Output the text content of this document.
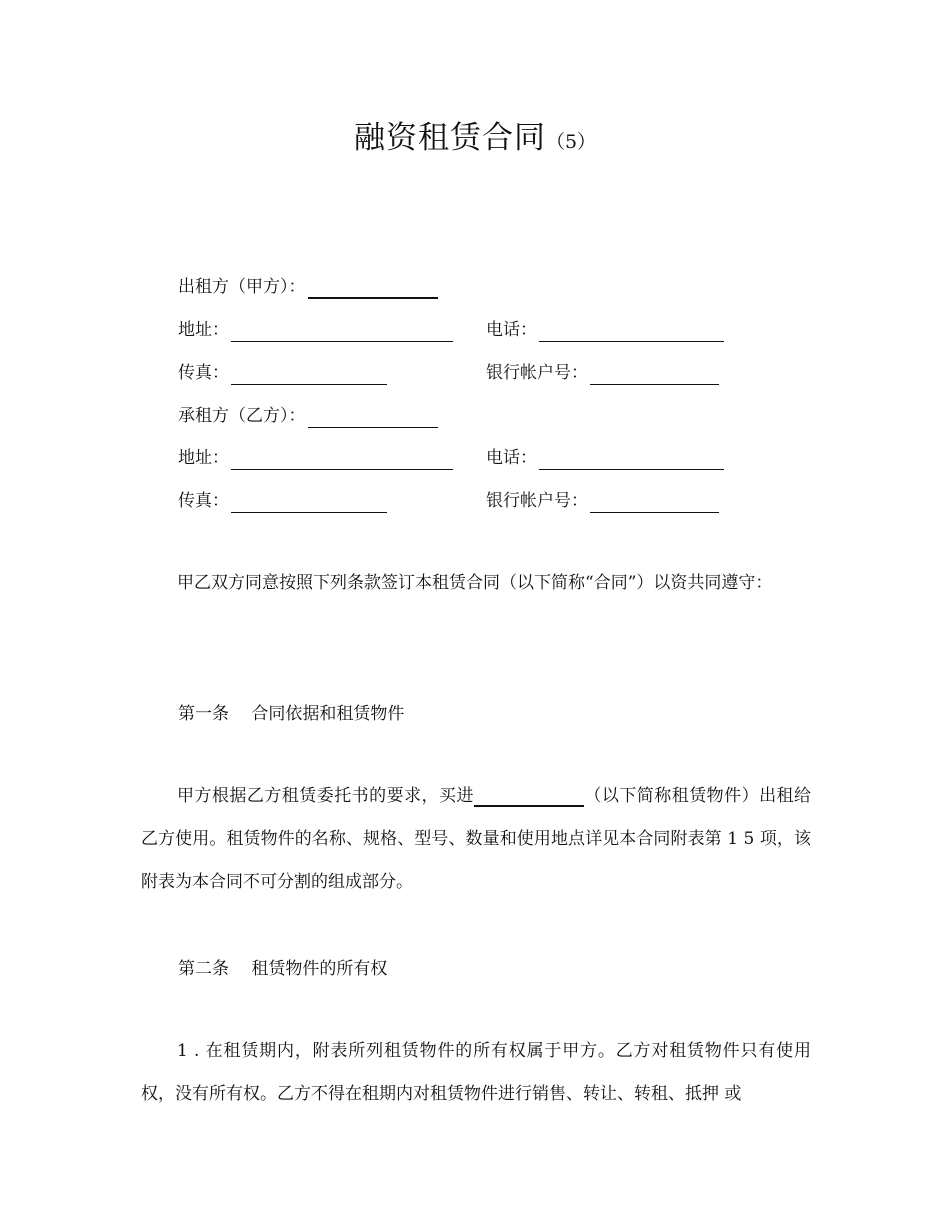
融资租赁合同（5）
出租方（甲方）：
地址：	电话：
传真：	银行帐户号：
承租方（乙方）：
地址：	电话：
传真：	银行帐户号：
甲乙双方同意按照下列条款签订本租赁合同（以下简称“合同”）以资共同遵守：
第一条　 合同依据和租赁物件
甲方根据乙方租赁委托书的要求，买进	（以下简称租赁物件）出租给 乙方使用。租赁物件的名称、规格、型号、数量和使用地点详见本合同附表第 1 5 项，该附表为本合同不可分割的组成部分。
第二条　 租赁物件的所有权
1 . 在租赁期内，附表所列租赁物件的所有权属于甲方。乙方对租赁物件只有使用权，没有所有权。乙方不得在租期内对租赁物件进行销售、转让、转租、抵押 或
